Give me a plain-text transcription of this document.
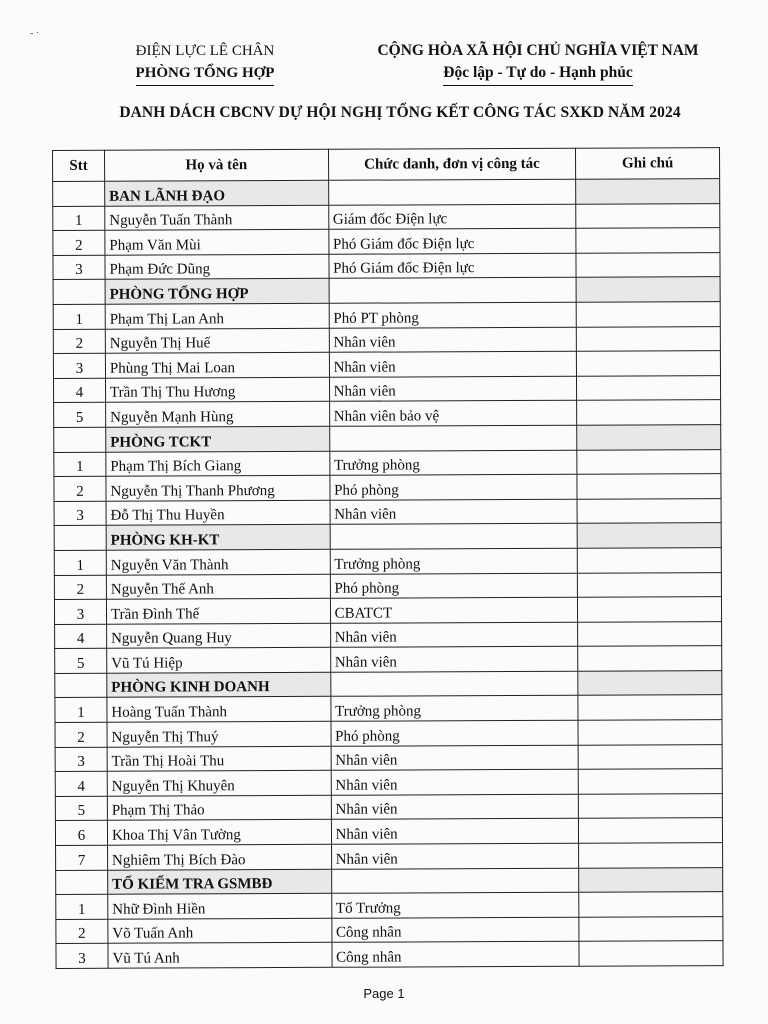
- ·
ĐIỆN LỰC LÊ CHÂN
PHÒNG TỔNG HỢP
CỘNG HÒA XÃ HỘI CHỦ NGHĨA VIỆT NAM
Độc lập - Tự do - Hạnh phúc
DANH DÁCH CBCNV DỰ HỘI NGHỊ TỔNG KẾT CÔNG TÁC SXKD NĂM 2024
Stt	Họ và tên	Chức danh, đơn vị công tác	Ghi chú
	BAN LÃNH ĐẠO		
1	Nguyễn Tuấn Thành	Giám đốc Điện lực	
2	Phạm Văn Mùi	Phó Giám đốc Điện lực	
3	Phạm Đức Dũng	Phó Giám đốc Điện lực	
	PHÒNG TỔNG HỢP		
1	Phạm Thị Lan Anh	Phó PT phòng	
2	Nguyễn Thị Huế	Nhân viên	
3	Phùng Thị Mai Loan	Nhân viên	
4	Trần Thị Thu Hương	Nhân viên	
5	Nguyễn Mạnh Hùng	Nhân viên bảo vệ	
	PHÒNG TCKT		
1	Phạm Thị Bích Giang	Trưởng phòng	
2	Nguyễn Thị Thanh Phương	Phó phòng	
3	Đỗ Thị Thu Huyền	Nhân viên	
	PHÒNG KH-KT		
1	Nguyễn Văn Thành	Trưởng phòng	
2	Nguyễn Thế Anh	Phó phòng	
3	Trần Đình Thế	CBATCT	
4	Nguyễn Quang Huy	Nhân viên	
5	Vũ Tú Hiệp	Nhân viên	
	PHÒNG KINH DOANH		
1	Hoàng Tuấn Thành	Trưởng phòng	
2	Nguyễn Thị Thuý	Phó phòng	
3	Trần Thị Hoài Thu	Nhân viên	
4	Nguyễn Thị Khuyên	Nhân viên	
5	Phạm Thị Thảo	Nhân viên	
6	Khoa Thị Vân Tường	Nhân viên	
7	Nghiêm Thị Bích Đào	Nhân viên	
	TỔ KIỂM TRA GSMBĐ		
1	Nhữ Đình Hiền	Tổ Trưởng	
2	Võ Tuấn Anh	Công nhân	
3	Vũ Tú Anh	Công nhân	
Page 1
